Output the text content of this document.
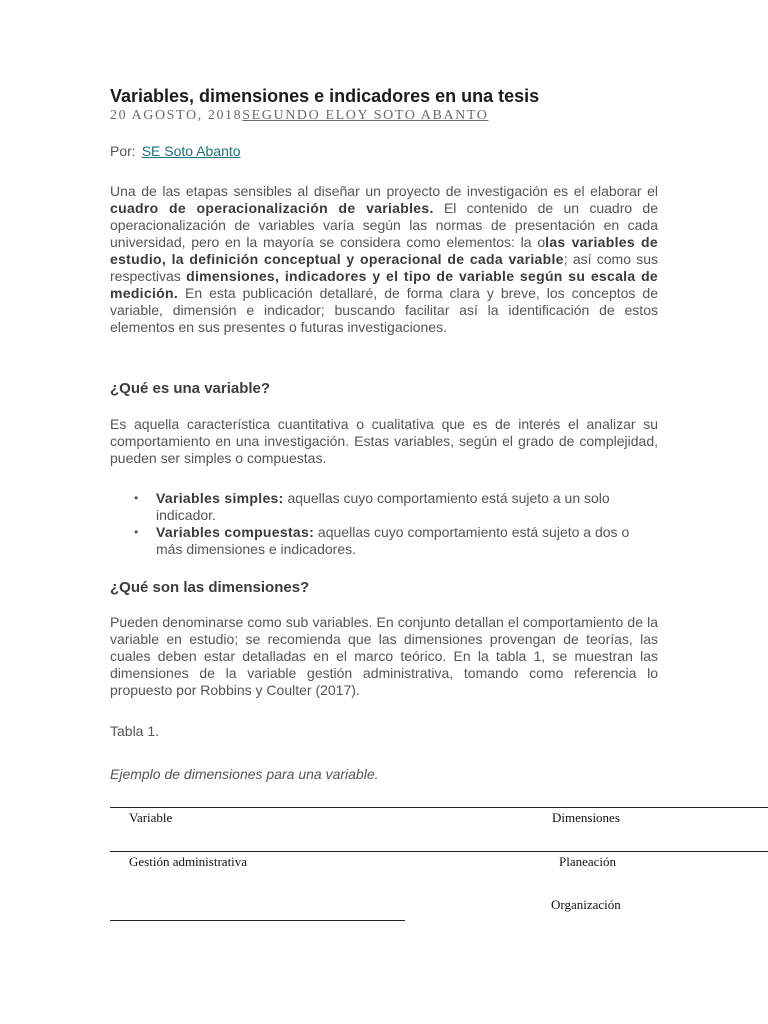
Variables, dimensiones e indicadores en una tesis
20 AGOSTO, 2018SEGUNDO ELOY SOTO ABANTO
Por: SE Soto Abanto

Una de las etapas sensibles al diseñar un proyecto de investigación es el elaborar el cuadro de operacionalización de variables. El contenido de un cuadro de operacionalización de variables varía según las normas de presentación en cada universidad, pero en la mayoría se considera como elementos: la olas variables de estudio, la definición conceptual y operacional de cada variable; así como sus respectivas dimensiones, indicadores y el tipo de variable según su escala de medición. En esta publicación detallaré, de forma clara y breve, los conceptos de variable, dimensión e indicador; buscando facilitar así la identificación de estos elementos en sus presentes o futuras investigaciones.

¿Qué es una variable?

Es aquella característica cuantitativa o cualitativa que es de interés el analizar su comportamiento en una investigación. Estas variables, según el grado de complejidad, pueden ser simples o compuestas.

• Variables simples: aquellas cuyo comportamiento está sujeto a un solo indicador.
• Variables compuestas: aquellas cuyo comportamiento está sujeto a dos o más dimensiones e indicadores.
¿Qué son las dimensiones?

Pueden denominarse como sub variables. En conjunto detallan el comportamiento de la variable en estudio; se recomienda que las dimensiones provengan de teorías, las cuales deben estar detalladas en el marco teórico. En la tabla 1, se muestran las dimensiones de la variable gestión administrativa, tomando como referencia lo propuesto por Robbins y Coulter (2017).

Tabla 1.
Ejemplo de dimensiones para una variable.
Variable	Dimensiones
Gestión administrativa	Planeación
Organización
